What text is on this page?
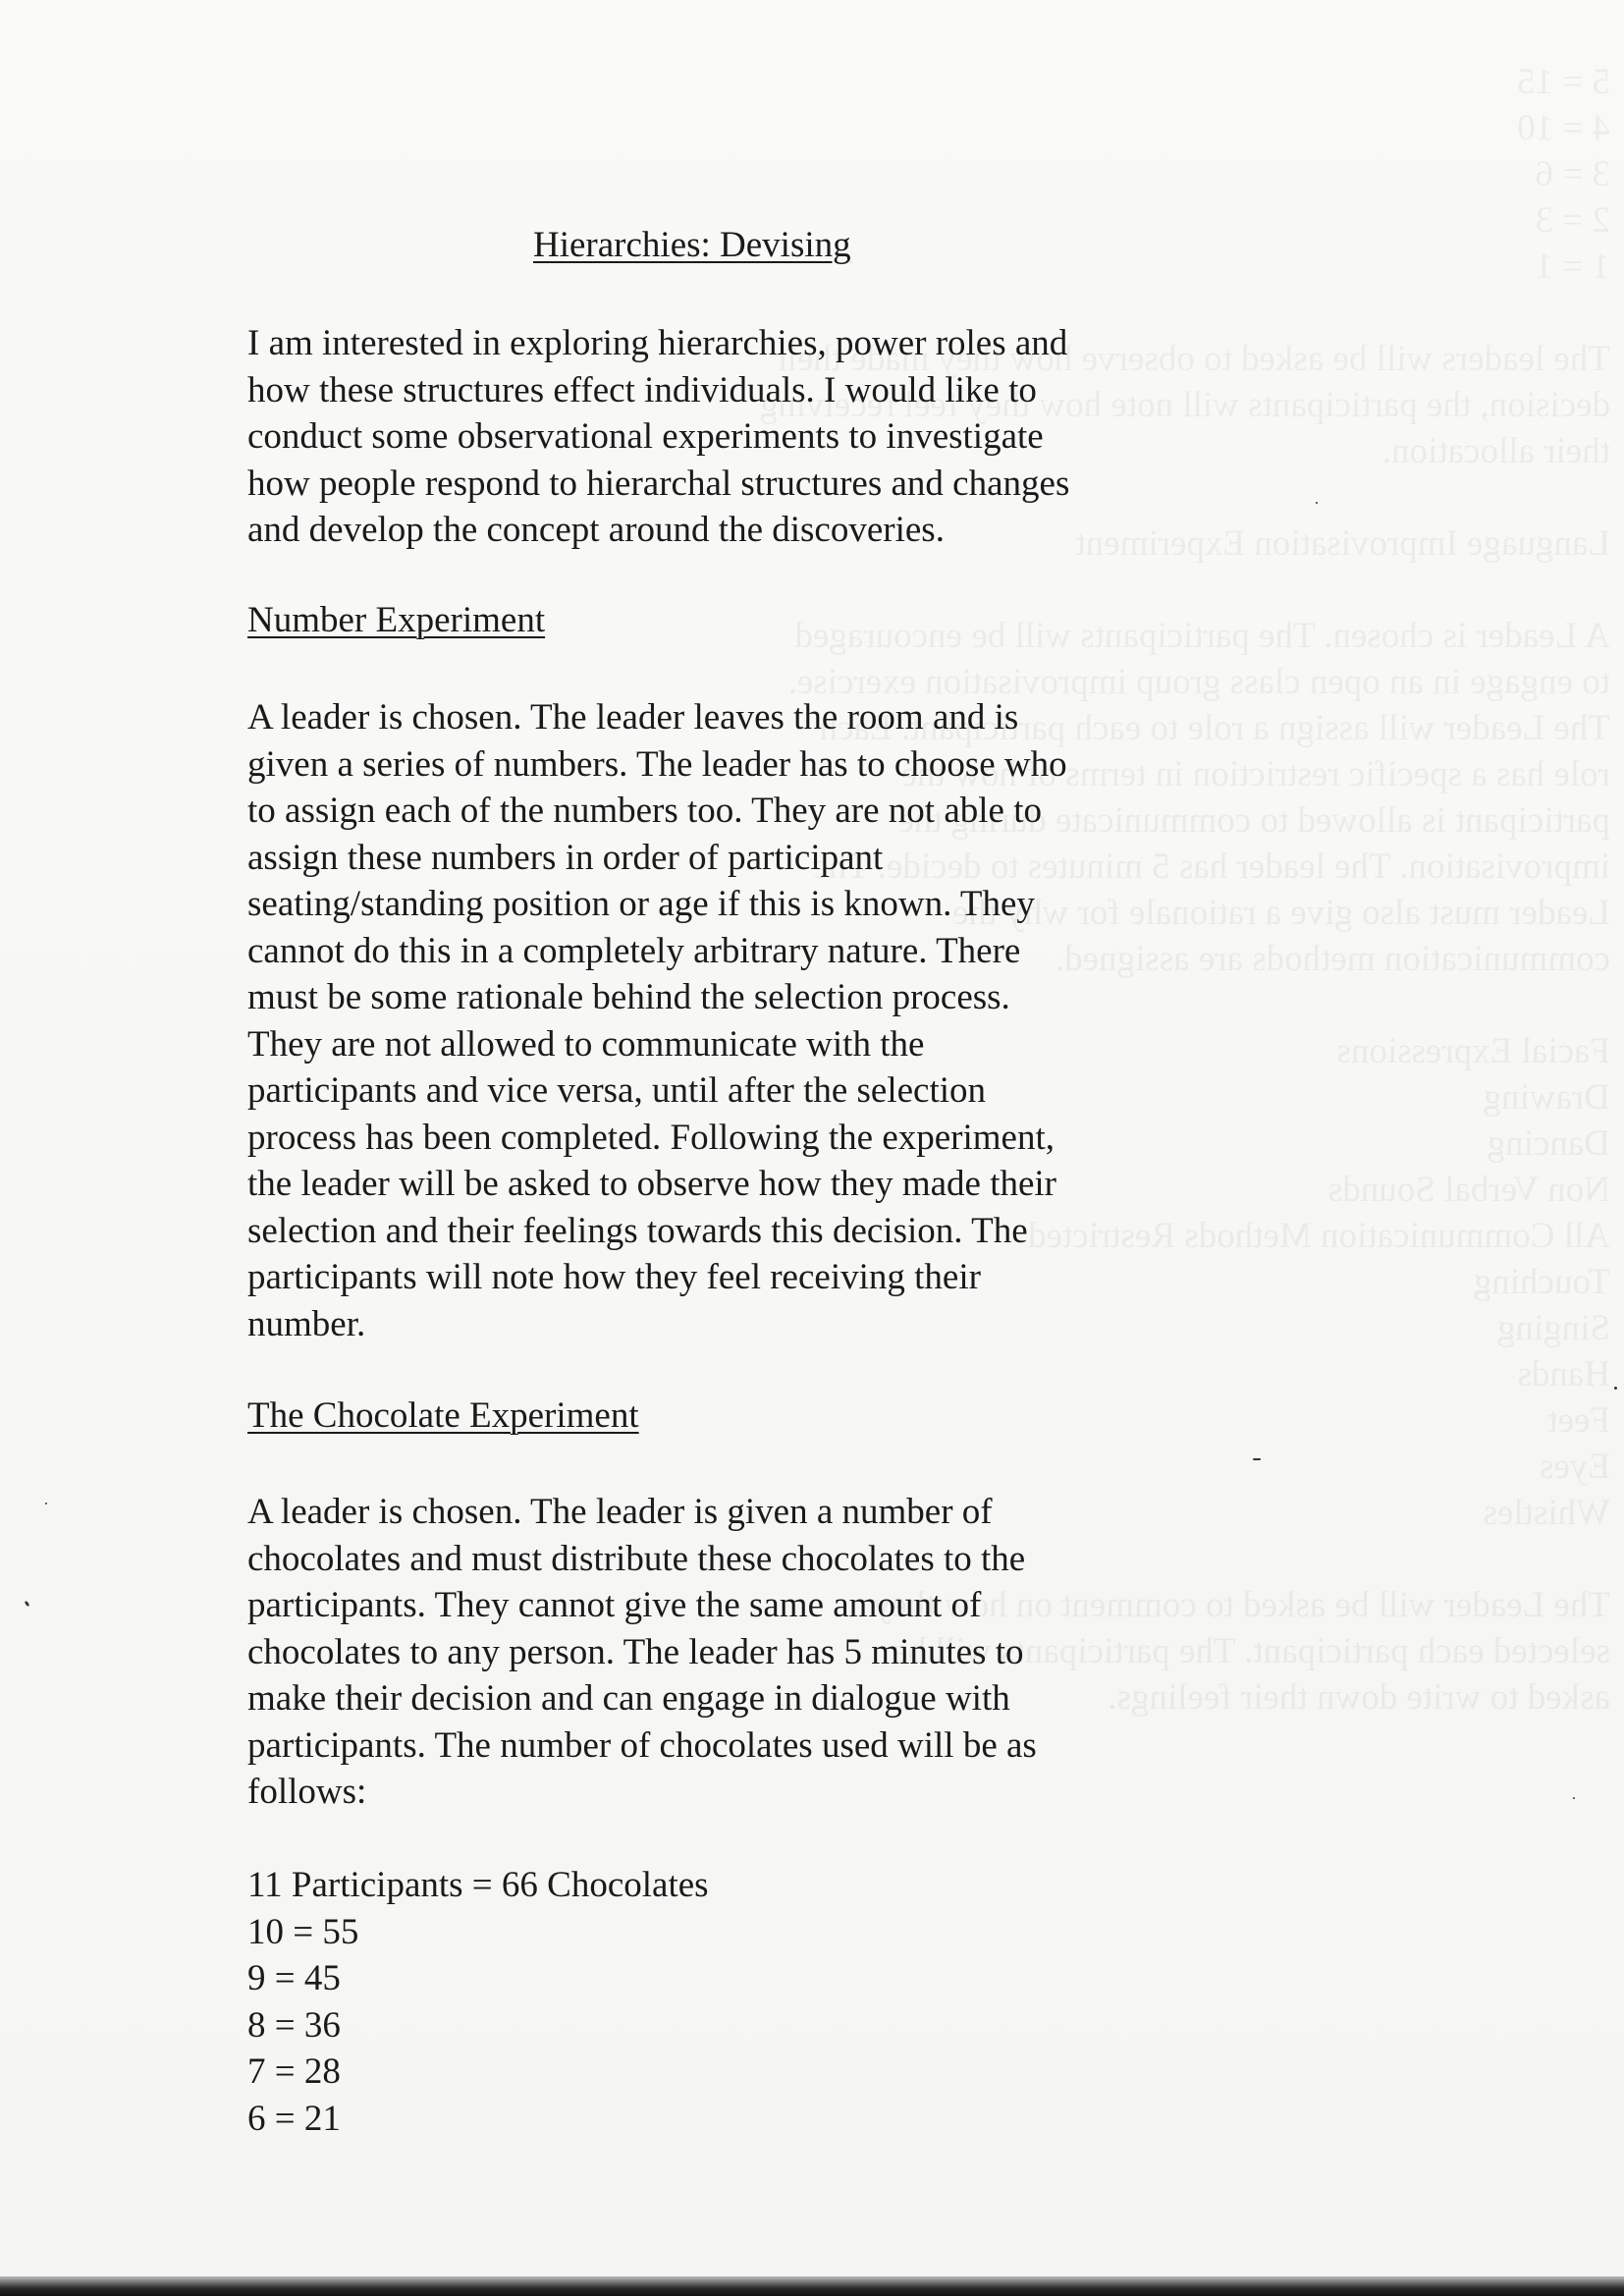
5 = 15

4 = 10

3 = 6

2 = 3

1 = 1

The leaders will be asked to observe how they made their

decision, the participants will note how they feel receiving

their allocation.

Language Improvisation Experiment

A Leader is chosen. The participants will be encouraged

to engage in an open class group improvisation exercise.

The Leader will assign a role to each participant. Each

role has a specific restriction in terms of how the

participant is allowed to communicate during the

improvisation. The leader has 5 minutes to decide. The

Leader must also give a rationale for why the

communication methods are assigned.

Facial Expressions

Drawing

Dancing

Non Verbal Sounds

All Communication Methods Restricted

Touching

Singing

Hands

Feet

Eyes

Whistles

The Leader will be asked to comment on how they

selected each participant. The participants will be

asked to write down their feelings.

Hierarchies: Devising
I am interested in exploring hierarchies, power roles and
how these structures effect individuals. I would like to
conduct some observational experiments to investigate
how people respond to hierarchal structures and changes
and develop the concept around the discoveries.
Number Experiment
A leader is chosen. The leader leaves the room and is
given a series of numbers. The leader has to choose who
to assign each of the numbers too. They are not able to
assign these numbers in order of participant
seating/standing position or age if this is known. They
cannot do this in a completely arbitrary nature. There
must be some rationale behind the selection process.
They are not allowed to communicate with the
participants and vice versa, until after the selection
process has been completed. Following the experiment,
the leader will be asked to observe how they made their
selection and their feelings towards this decision. The
participants will note how they feel receiving their
number.
The Chocolate Experiment
A leader is chosen. The leader is given a number of
chocolates and must distribute these chocolates to the
participants. They cannot give the same amount of
chocolates to any person. The leader has 5 minutes to
make their decision and can engage in dialogue with
participants. The number of chocolates used will be as
follows:
11 Participants = 66 Chocolates
10 = 55
9 = 45
8 = 36
7 = 28
6 = 21
